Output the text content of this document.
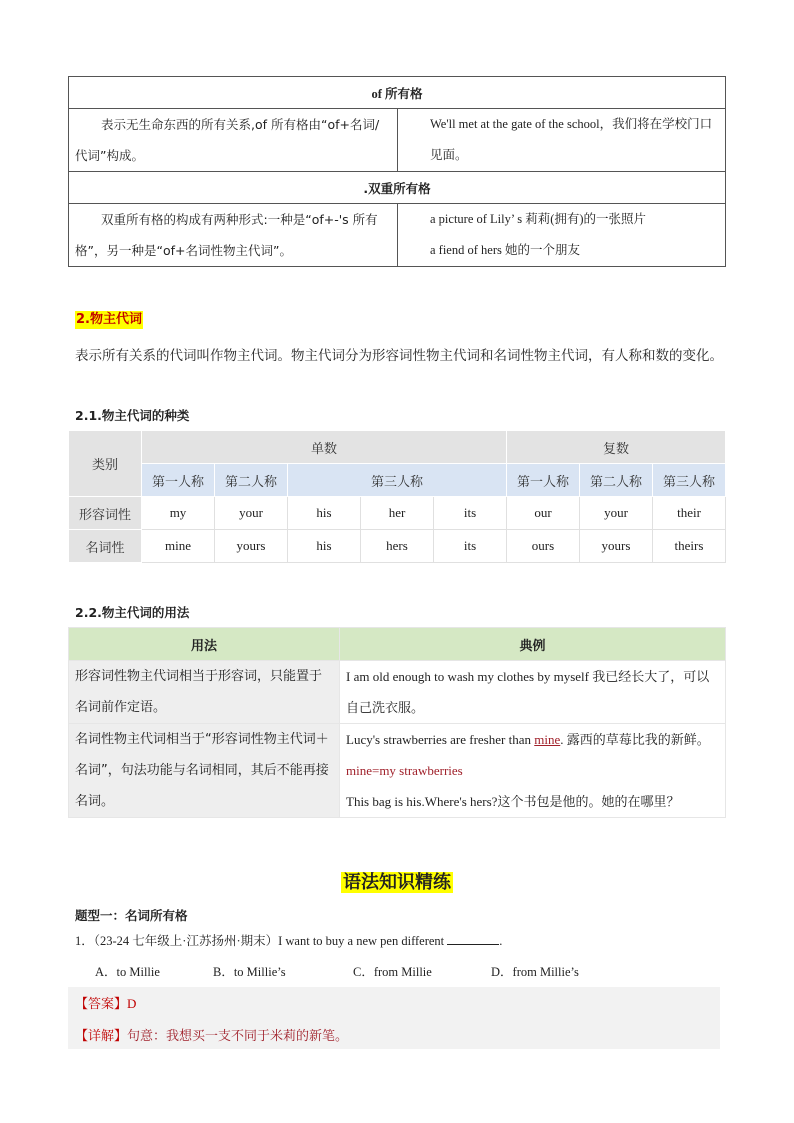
of 所有格	
表示无生命东西的所有关系,of 所有格由“of+名词/代词”构成。	We'll met at the gate of the school，我们将在学校门口见面。
.双重所有格	
双重所有格的构成有两种形式:一种是“of+-'s 所有格”，另一种是“of+名词性物主代词”。	a picture of Lily’ s 莉莉(拥有)的一张照片
a fiend of hers 她的一个朋友
2.物主代词
表示所有关系的代词叫作物主代词。物主代词分为形容词性物主代词和名词性物主代词，有人称和数的变化。
2.1.物主代词的种类
类别	单数					复数		
	第一人称	第二人称	第三人称			第一人称	第二人称	第三人称
形容词性	my	your	his	her	its	our	your	their
名词性	mine	yours	his	hers	its	ours	yours	theirs
2.2.物主代词的用法
用法	典例
形容词性物主代词相当于形容词，只能置于名词前作定语。	I am old enough to wash my clothes by myself 我已经长大了，可以自己洗衣服。
名词性物主代词相当于“形容词性物主代词＋名词”，句法功能与名词相同，其后不能再接名词。	Lucy's strawberries are fresher than mine. 露西的草莓比我的新鲜。
mine=my strawberries
This bag is his.Where's hers?这个书包是他的。她的在哪里？
语法知识精练
题型一：名词所有格
1．（23-24 七年级上·江苏扬州·期末）I want to buy a new pen different	.
A．to Millie	B．to Millie’s	C．from Millie	D．from Millie’s
【答案】D
【详解】句意：我想买一支不同于米莉的新笔。
